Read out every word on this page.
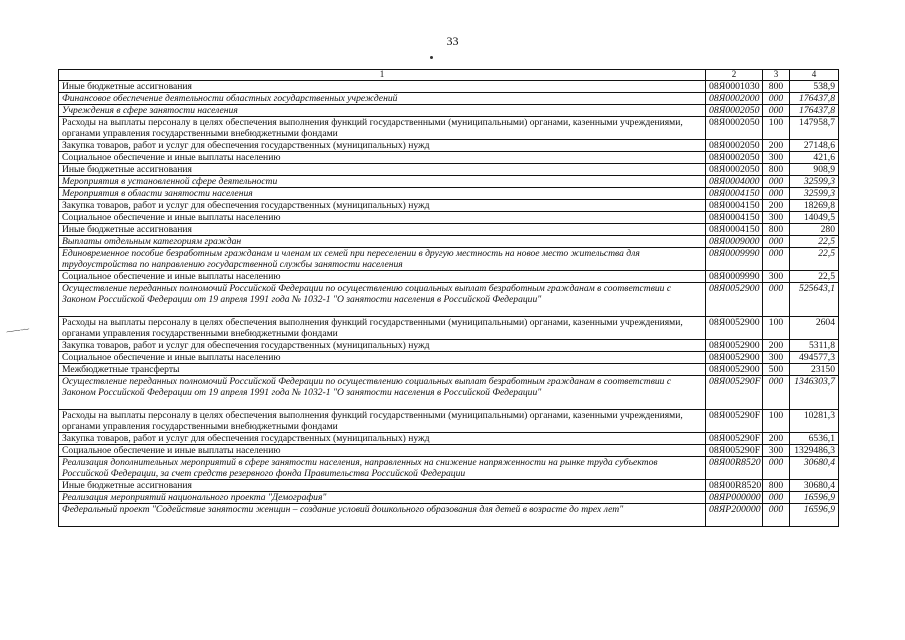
33
⁓⁓·⁓
1	2	3	4
Иные бюджетные ассигнования	08Я0001030	800	538,9
Финансовое обеспечение деятельности областных государственных учреждений	08Я0002000	000	176437,8
Учреждения в сфере занятости населения	08Я0002050	000	176437,8
Расходы на выплаты персоналу в целях обеспечения выполнения функций государственными (муниципальными) органами, казенными учреждениями, органами управления государственными внебюджетными фондами	08Я0002050	100	147958,7
Закупка товаров, работ и услуг для обеспечения государственных (муниципальных) нужд	08Я0002050	200	27148,6
Социальное обеспечение и иные выплаты населению	08Я0002050	300	421,6
Иные бюджетные ассигнования	08Я0002050	800	908,9
Мероприятия в установленной сфере деятельности	08Я0004000	000	32599,3
Мероприятия в области занятости населения	08Я0004150	000	32599,3
Закупка товаров, работ и услуг для обеспечения государственных (муниципальных) нужд	08Я0004150	200	18269,8
Социальное обеспечение и иные выплаты населению	08Я0004150	300	14049,5
Иные бюджетные ассигнования	08Я0004150	800	280
Выплаты отдельным категориям граждан	08Я0009000	000	22,5
Единовременное пособие безработным гражданам и членам их семей при переселении в другую местность на новое место жительства для трудоустройства по направлению государственной службы занятости населения	08Я0009990	000	22,5
Социальное обеспечение и иные выплаты населению	08Я0009990	300	22,5
Осуществление переданных полномочий Российской Федерации по осуществлению социальных выплат безработным гражданам в соответствии с Законом Российской Федерации от 19 апреля 1991 года № 1032-1 "О занятости населения в Российской Федерации"	08Я0052900	000	525643,1
Расходы на выплаты персоналу в целях обеспечения выполнения функций государственными (муниципальными) органами, казенными учреждениями, органами управления государственными внебюджетными фондами	08Я0052900	100	2604
Закупка товаров, работ и услуг для обеспечения государственных (муниципальных) нужд	08Я0052900	200	5311,8
Социальное обеспечение и иные выплаты населению	08Я0052900	300	494577,3
Межбюджетные трансферты	08Я0052900	500	23150
Осуществление переданных полномочий Российской Федерации по осуществлению социальных выплат безработным гражданам в соответствии с Законом Российской Федерации от 19 апреля 1991 года № 1032-1 "О занятости населения в Российской Федерации"	08Я005290F	000	1346303,7
Расходы на выплаты персоналу в целях обеспечения выполнения функций государственными (муниципальными) органами, казенными учреждениями, органами управления государственными внебюджетными фондами	08Я005290F	100	10281,3
Закупка товаров, работ и услуг для обеспечения государственных (муниципальных) нужд	08Я005290F	200	6536,1
Социальное обеспечение и иные выплаты населению	08Я005290F	300	1329486,3
Реализация дополнительных мероприятий в сфере занятости населения, направленных на снижение напряженности на рынке труда субъектов Российской Федерации, за счет средств резервного фонда Правительства Российской Федерации	08Я00R8520	000	30680,4
Иные бюджетные ассигнования	08Я00R8520	800	30680,4
Реализация мероприятий национального проекта "Демография"	08ЯР000000	000	16596,9
Федеральный проект "Содействие занятости женщин – создание условий дошкольного образования для детей в возрасте до трех лет"	08ЯР200000	000	16596,9
